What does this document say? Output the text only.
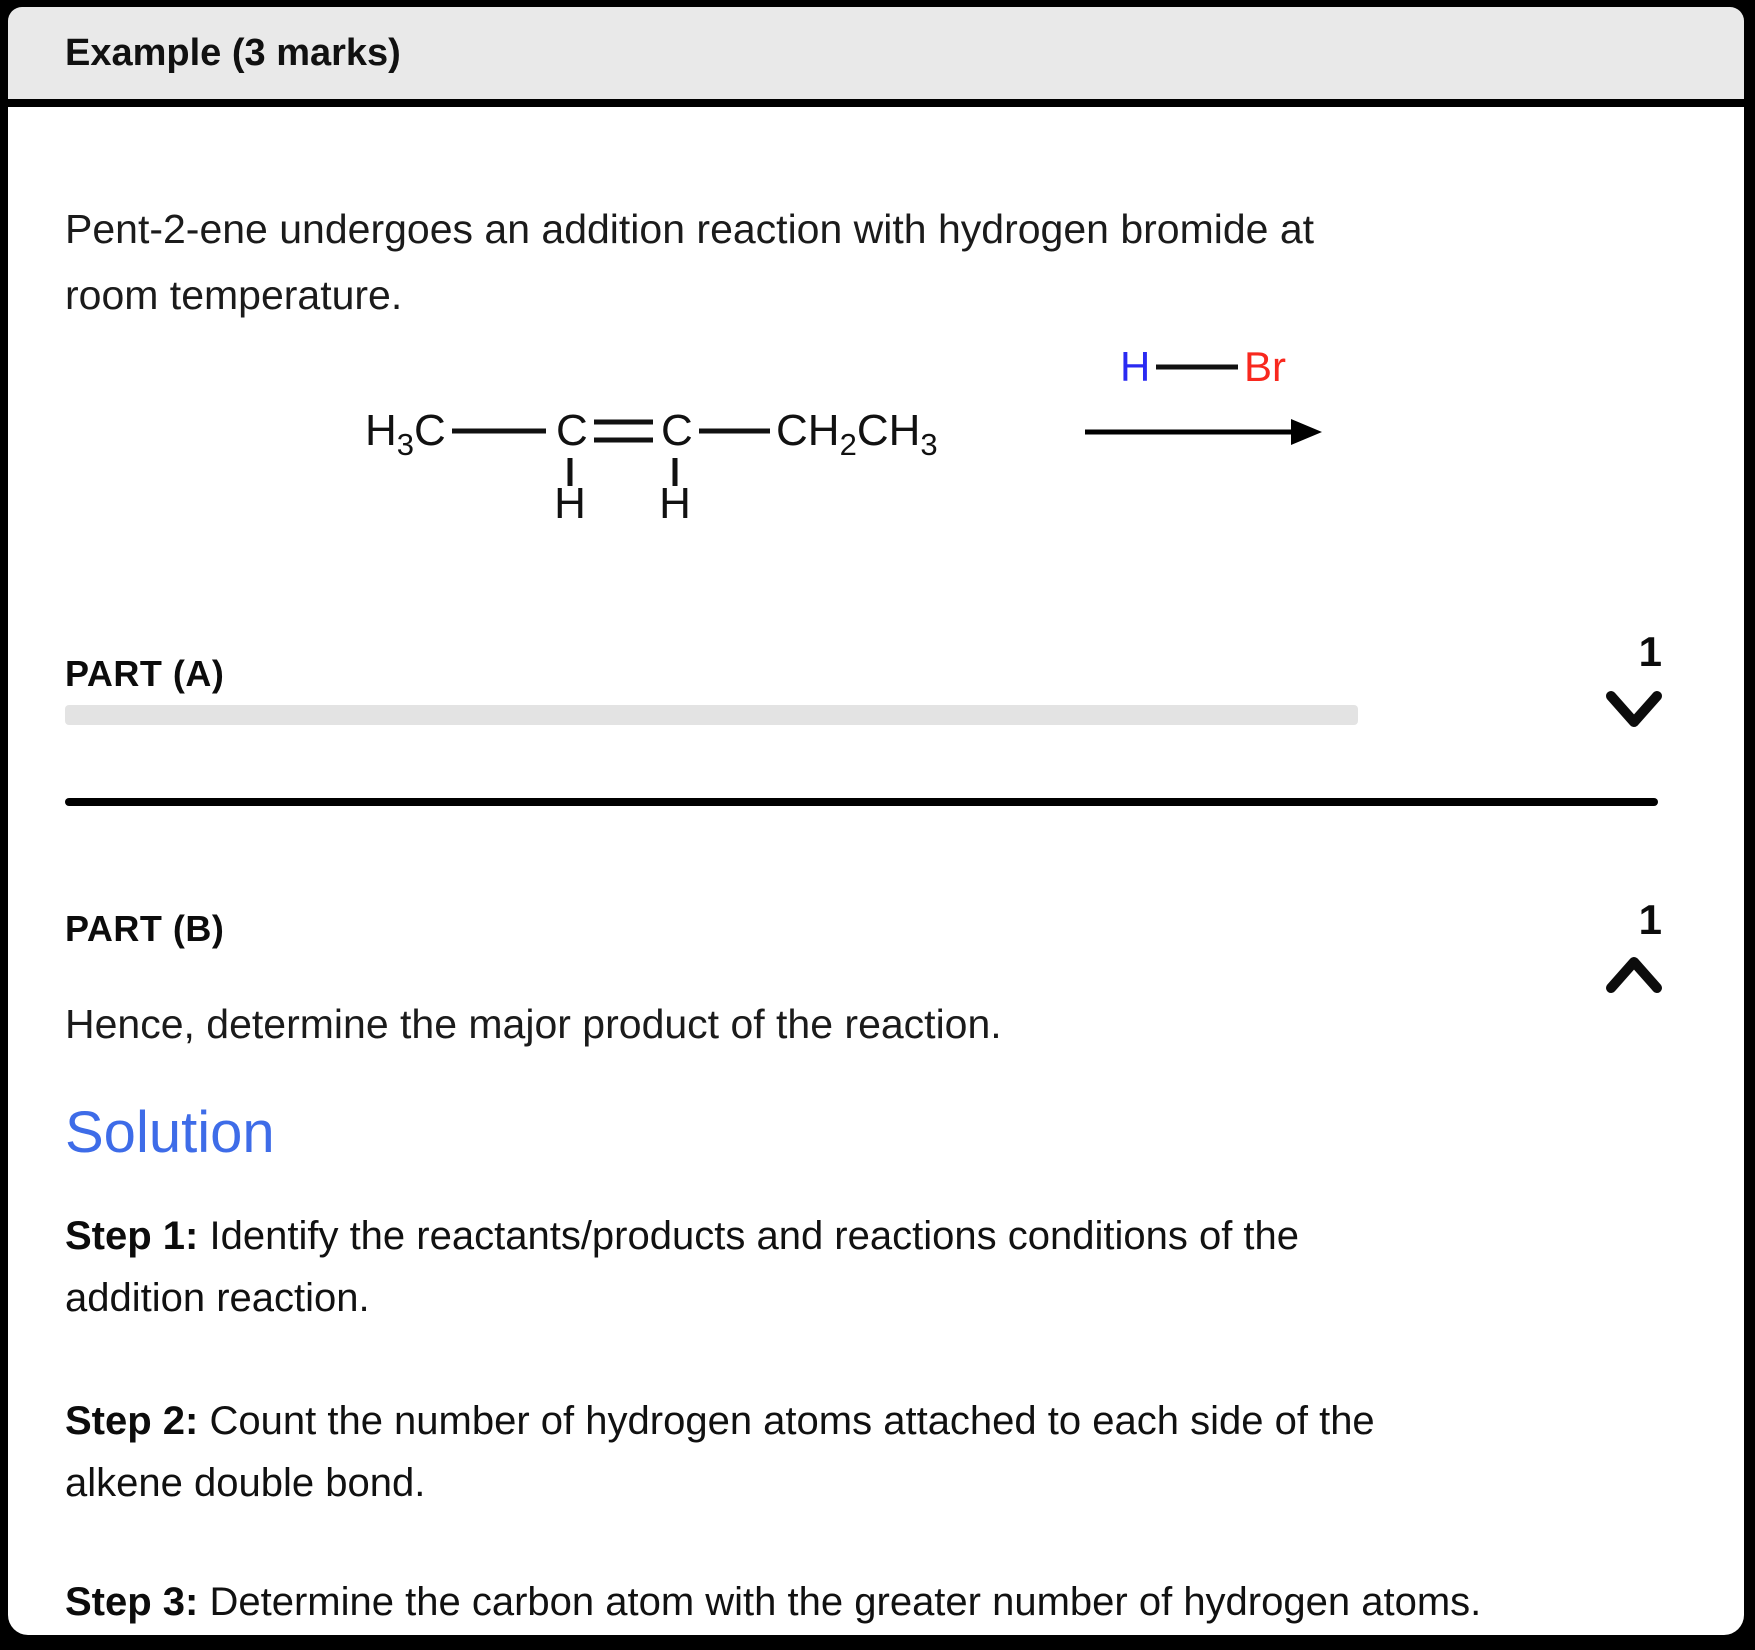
Example (3 marks)

Pent-2-ene undergoes an addition reaction with hydrogen bromide at
room temperature.

$H_3C$	C C $CH_2CH_3$
H H
H Br
PART (A)	1
PART (B)	1

Hence, determine the major product of the reaction.

Solution

Step 1: Identify the reactants/products and reactions conditions of the
addition reaction.

Step 2: Count the number of hydrogen atoms attached to each side of the
alkene double bond.

Step 3: Determine the carbon atom with the greater number of hydrogen atoms.
